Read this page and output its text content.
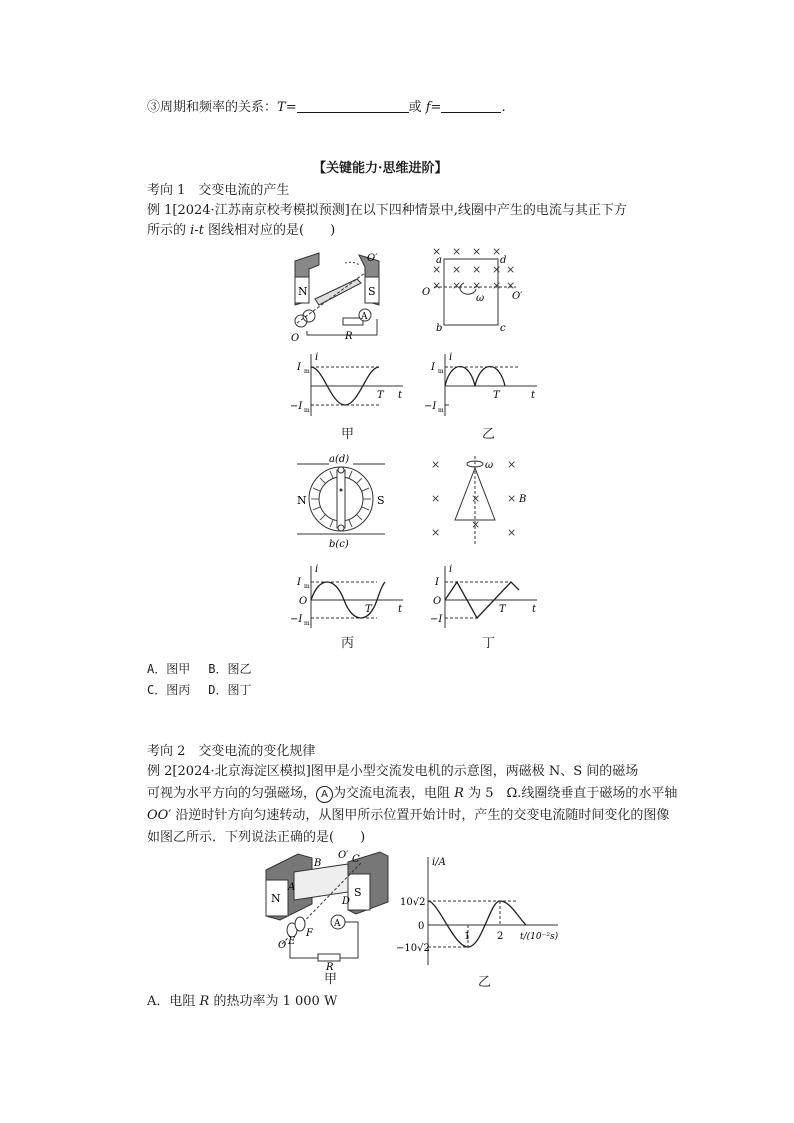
③周期和频率的关系：T=	或 f=	.
【关键能力·思维进阶】
考向 1　交变电流的产生
例 1[2024·江苏南京校考模拟预测]在以下四种情景中,线圈中产生的电流与其正下方
所示的 i-t 图线相对应的是(　　)
N	S
A
O′
O	R
× × × ×
× × × ×
× × × ×
×
×
ω
a	d
b	c
O	O′
i
t
T
I m
−I m
i
t
T
I m
−I m
甲	乙
N	S
a(d)
b(c)
×	×
×	×
×	×
×
×
ω
B
i
t
T
O
I m
−I m
i
t
T
O
I
−I
丙	丁
A．图甲 B．图乙
C．图丙 D．图丁
考向 2　交变电流的变化规律
例 2[2024·北京海淀区模拟]图甲是小型交流发电机的示意图，两磁极 N、S 间的磁场
可视为水平方向的匀强磁场， A 为交流电流表，电阻 R 为 5　Ω.线圈绕垂直于磁场的水平轴
OO′ 沿逆时针方向匀速转动，从图甲所示位置开始计时，产生的交变电流随时间变化的图像
如图乙所示．下列说法正确的是(　　)
N	S
A
A
B	C
D
E
F
O
O′
R
i/A
t/(10⁻²s)
10√2
−10√2
0
1	2
甲	乙
A．电阻 R 的热功率为 1 000 W
